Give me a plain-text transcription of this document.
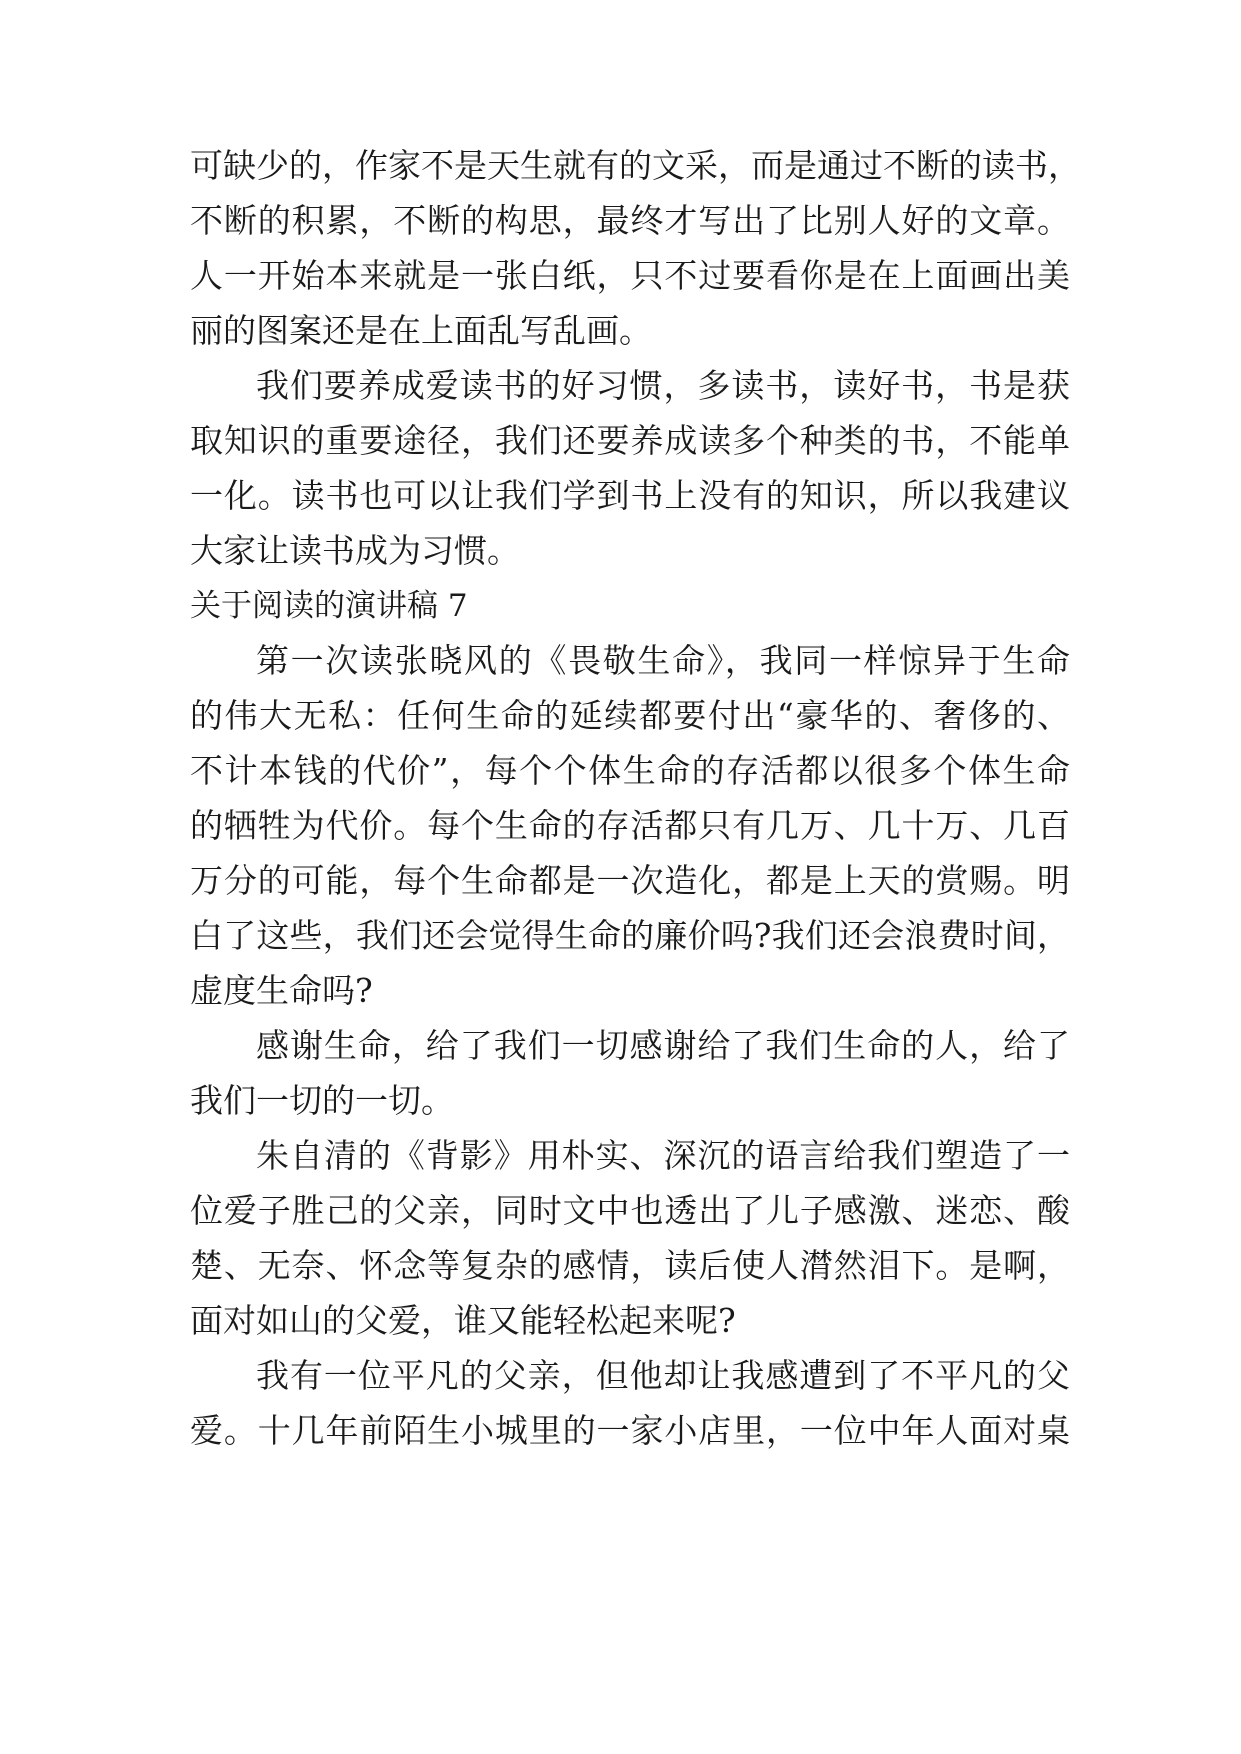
可缺少的，作家不是天生就有的文采，而是通过不断的读书，
不断的积累，不断的构思，最终才写出了比别人好的文章。
人一开始本来就是一张白纸，只不过要看你是在上面画出美
丽的图案还是在上面乱写乱画。
我们要养成爱读书的好习惯，多读书，读好书，书是获
取知识的重要途径，我们还要养成读多个种类的书，不能单
一化。读书也可以让我们学到书上没有的知识，所以我建议
大家让读书成为习惯。
关于阅读的演讲稿 7
第一次读张晓风的《畏敬生命》，我同一样惊异于生命
的伟大无私：任何生命的延续都要付出“豪华的、奢侈的、
不计本钱的代价”，每个个体生命的存活都以很多个体生命
的牺牲为代价。每个生命的存活都只有几万、几十万、几百
万分的可能，每个生命都是一次造化，都是上天的赏赐。明
白了这些，我们还会觉得生命的廉价吗?我们还会浪费时间，
虚度生命吗?
感谢生命，给了我们一切感谢给了我们生命的人，给了
我们一切的一切。
朱自清的《背影》用朴实、深沉的语言给我们塑造了一
位爱子胜己的父亲，同时文中也透出了儿子感激、迷恋、酸
楚、无奈、怀念等复杂的感情，读后使人潸然泪下。是啊，
面对如山的父爱，谁又能轻松起来呢?
我有一位平凡的父亲，但他却让我感遭到了不平凡的父
爱。十几年前陌生小城里的一家小店里，一位中年人面对桌
